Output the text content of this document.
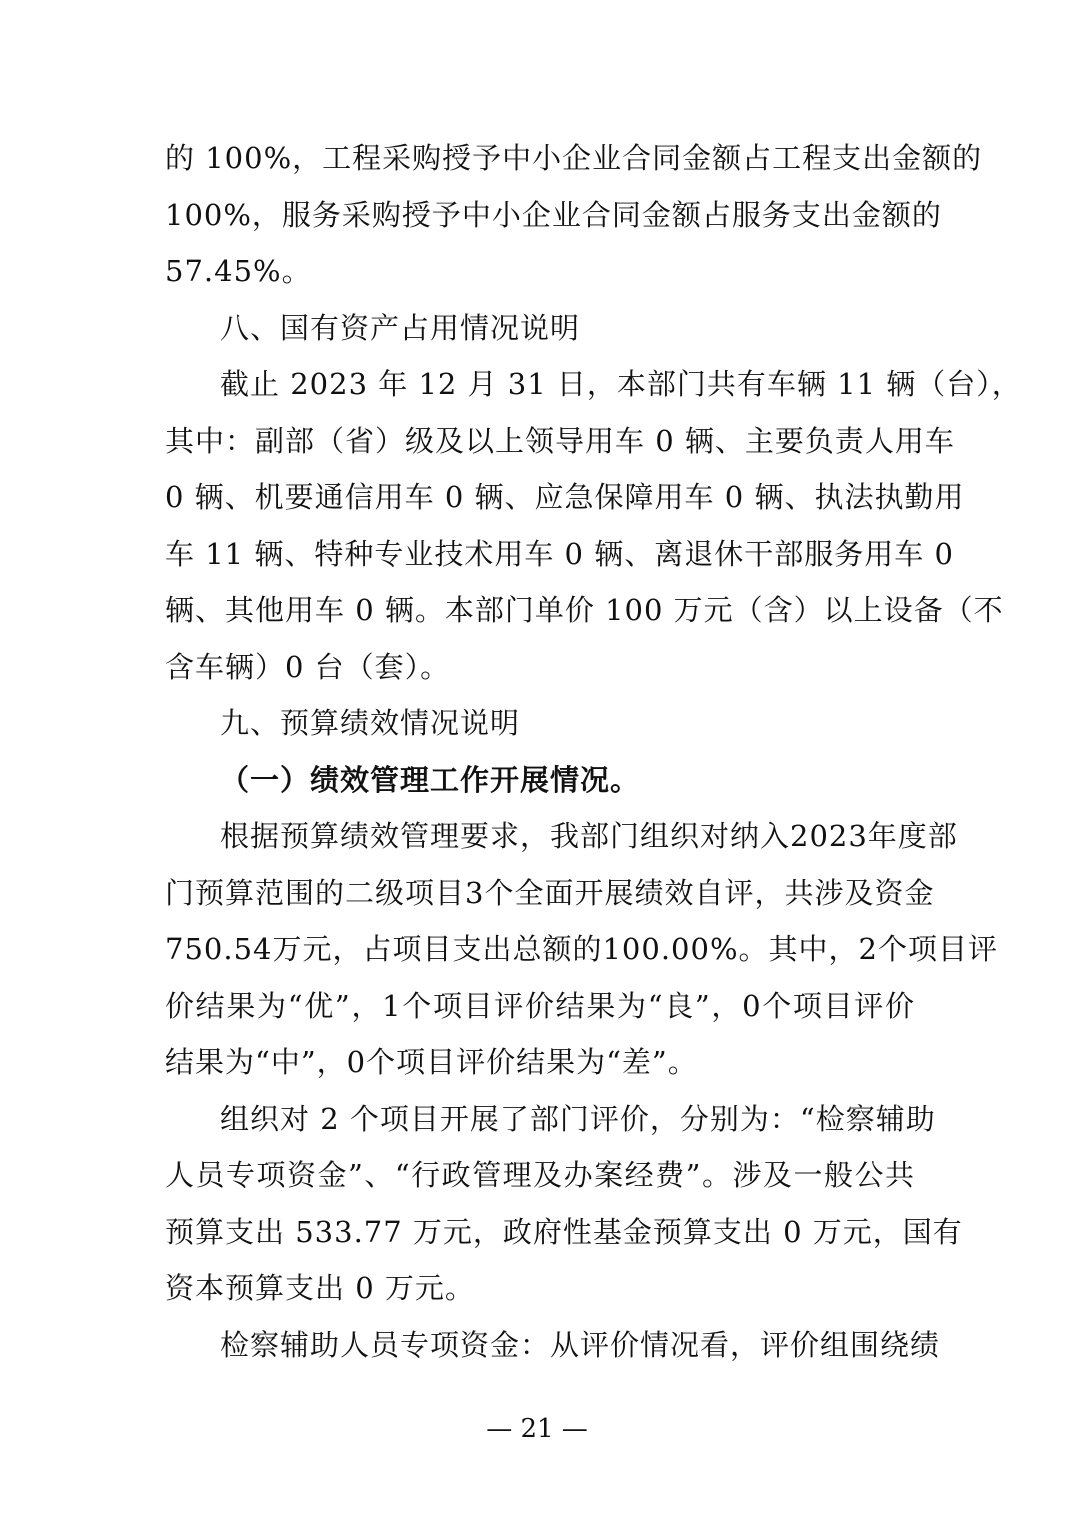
的 100%，工程采购授予中小企业合同金额占工程支出金额的
100%，服务采购授予中小企业合同金额占服务支出金额的
57.45%。
八、国有资产占用情况说明
截止 2023 年 12 月 31 日，本部门共有车辆 11 辆（台），
其中：副部（省）级及以上领导用车 0 辆、主要负责人用车
0 辆、机要通信用车 0 辆、应急保障用车 0 辆、执法执勤用
车 11 辆、特种专业技术用车 0 辆、离退休干部服务用车 0
辆、其他用车 0 辆。本部门单价 100 万元（含）以上设备（不
含车辆）0 台（套）。
九、预算绩效情况说明
（一）绩效管理工作开展情况。
根据预算绩效管理要求，我部门组织对纳入2023年度部
门预算范围的二级项目3个全面开展绩效自评，共涉及资金
750.54万元，占项目支出总额的100.00%。其中，2个项目评
价结果为“优”，1个项目评价结果为“良”，0个项目评价
结果为“中”，0个项目评价结果为“差”。
组织对 2 个项目开展了部门评价，分别为：“检察辅助
人员专项资金”、“行政管理及办案经费”。涉及一般公共
预算支出 533.77 万元，政府性基金预算支出 0 万元，国有
资本预算支出 0 万元。
检察辅助人员专项资金：从评价情况看，评价组围绕绩
— 21 —
